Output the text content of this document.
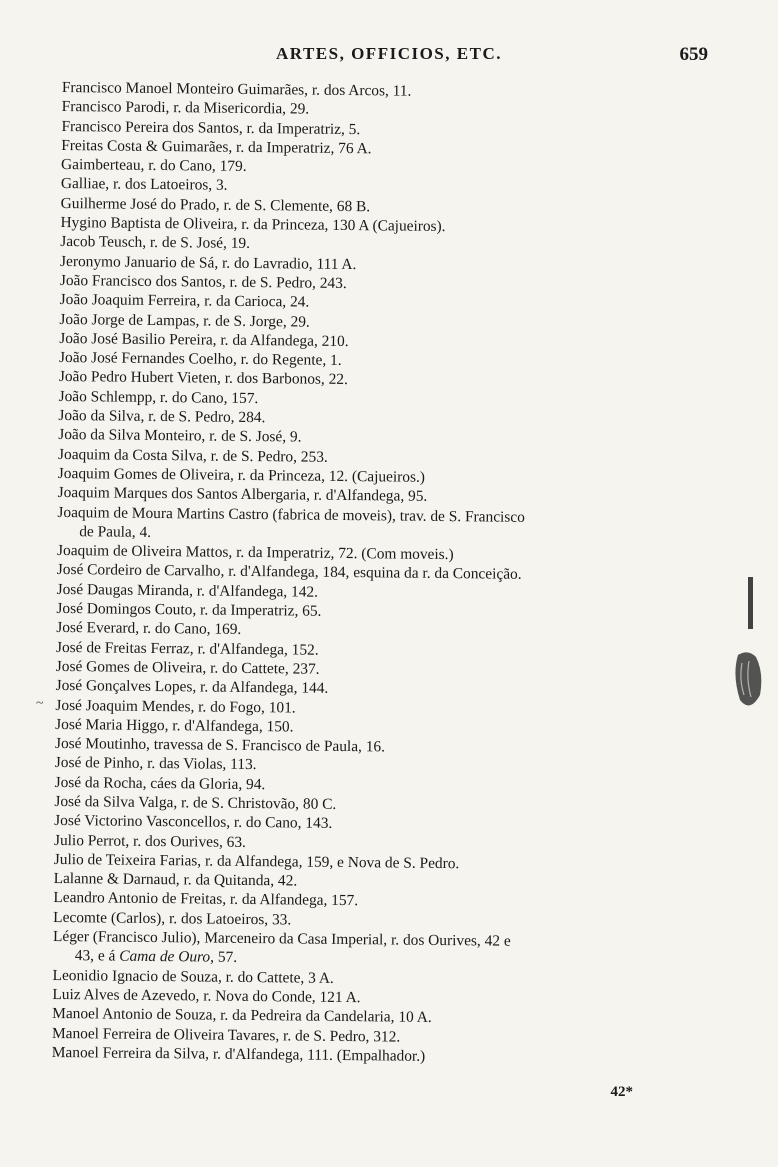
ARTES, OFFICIOS, ETC.	659
Francisco Manoel Monteiro Guimarães, r. dos Arcos, 11.
Francisco Parodi, r. da Misericordia, 29.
Francisco Pereira dos Santos, r. da Imperatriz, 5.
Freitas Costa & Guimarães, r. da Imperatriz, 76 A.
Gaimberteau, r. do Cano, 179.
Galliae, r. dos Latoeiros, 3.
Guilherme José do Prado, r. de S. Clemente, 68 B.
Hygino Baptista de Oliveira, r. da Princeza, 130 A (Cajueiros).
Jacob Teusch, r. de S. José, 19.
Jeronymo Januario de Sá, r. do Lavradio, 111 A.
João Francisco dos Santos, r. de S. Pedro, 243.
João Joaquim Ferreira, r. da Carioca, 24.
João Jorge de Lampas, r. de S. Jorge, 29.
João José Basilio Pereira, r. da Alfandega, 210.
João José Fernandes Coelho, r. do Regente, 1.
João Pedro Hubert Vieten, r. dos Barbonos, 22.
João Schlempp, r. do Cano, 157.
João da Silva, r. de S. Pedro, 284.
João da Silva Monteiro, r. de S. José, 9.
Joaquim da Costa Silva, r. de S. Pedro, 253.
Joaquim Gomes de Oliveira, r. da Princeza, 12. (Cajueiros.)
Joaquim Marques dos Santos Albergaria, r. d'Alfandega, 95.
Joaquim de Moura Martins Castro (fabrica de moveis), trav. de S. Francisco
de Paula, 4.
Joaquim de Oliveira Mattos, r. da Imperatriz, 72. (Com moveis.)
José Cordeiro de Carvalho, r. d'Alfandega, 184, esquina da r. da Conceição.
José Daugas Miranda, r. d'Alfandega, 142.
José Domingos Couto, r. da Imperatriz, 65.
José Everard, r. do Cano, 169.
José de Freitas Ferraz, r. d'Alfandega, 152.
José Gomes de Oliveira, r. do Cattete, 237.
José Gonçalves Lopes, r. da Alfandega, 144.
José Joaquim Mendes, r. do Fogo, 101.
José Maria Higgo, r. d'Alfandega, 150.
José Moutinho, travessa de S. Francisco de Paula, 16.
José de Pinho, r. das Violas, 113.
José da Rocha, cáes da Gloria, 94.
José da Silva Valga, r. de S. Christovão, 80 C.
José Victorino Vasconcellos, r. do Cano, 143.
Julio Perrot, r. dos Ourives, 63.
Julio de Teixeira Farias, r. da Alfandega, 159, e Nova de S. Pedro.
Lalanne & Darnaud, r. da Quitanda, 42.
Leandro Antonio de Freitas, r. da Alfandega, 157.
Lecomte (Carlos), r. dos Latoeiros, 33.
Léger (Francisco Julio), Marceneiro da Casa Imperial, r. dos Ourives, 42 e
43, e á Cama de Ouro, 57.
Leonidio Ignacio de Souza, r. do Cattete, 3 A.
Luiz Alves de Azevedo, r. Nova do Conde, 121 A.
Manoel Antonio de Souza, r. da Pedreira da Candelaria, 10 A.
Manoel Ferreira de Oliveira Tavares, r. de S. Pedro, 312.
Manoel Ferreira da Silva, r. d'Alfandega, 111. (Empalhador.)
42*
~
